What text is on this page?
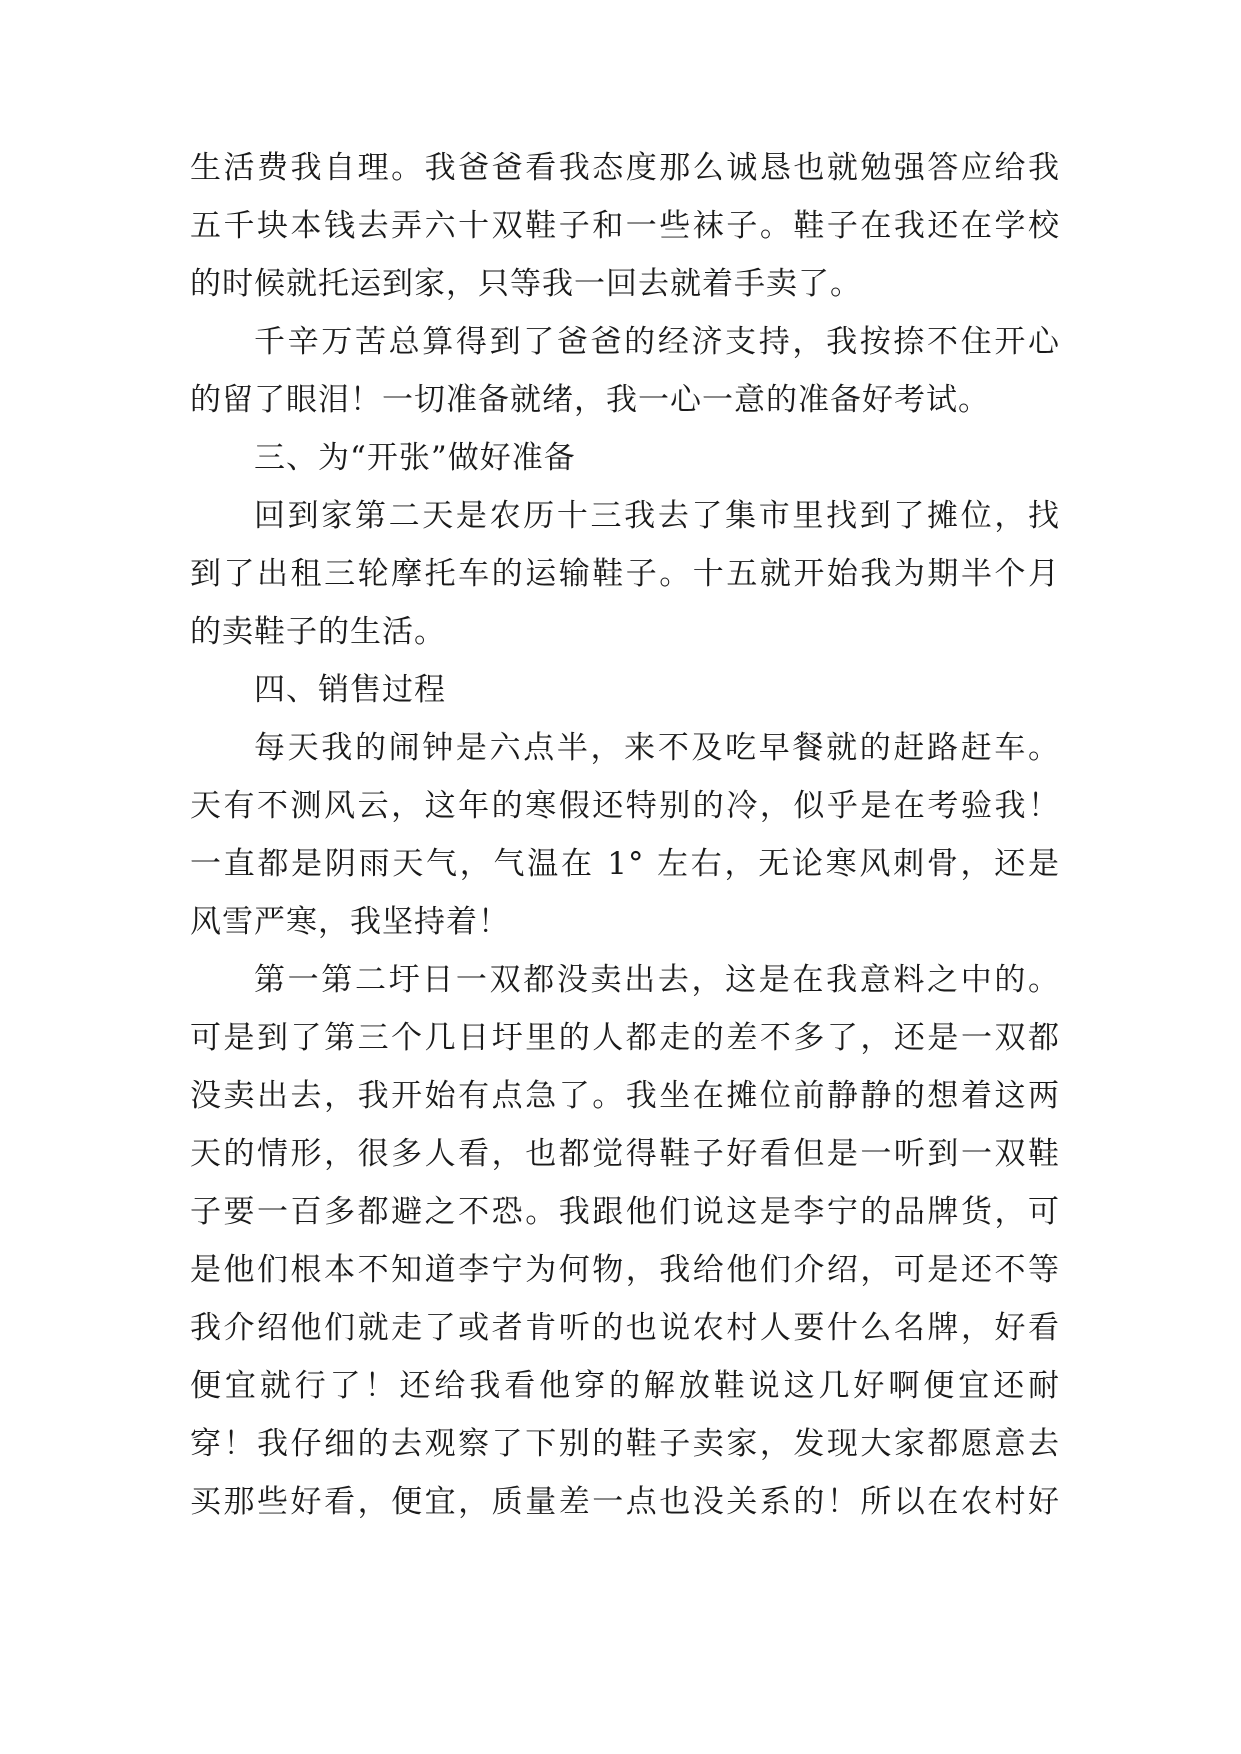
生活费我自理。我爸爸看我态度那么诚恳也就勉强答应给我
五千块本钱去弄六十双鞋子和一些袜子。鞋子在我还在学校
的时候就托运到家，只等我一回去就着手卖了。
千辛万苦总算得到了爸爸的经济支持，我按捺不住开心
的留了眼泪！一切准备就绪，我一心一意的准备好考试。
三、为“开张”做好准备
回到家第二天是农历十三我去了集市里找到了摊位，找
到了出租三轮摩托车的运输鞋子。十五就开始我为期半个月
的卖鞋子的生活。
四、销售过程
每天我的闹钟是六点半，来不及吃早餐就的赶路赶车。
天有不测风云，这年的寒假还特别的冷，似乎是在考验我！
一直都是阴雨天气，气温在 1° 左右，无论寒风刺骨，还是
风雪严寒，我坚持着！
第一第二圩日一双都没卖出去，这是在我意料之中的。
可是到了第三个几日圩里的人都走的差不多了，还是一双都
没卖出去，我开始有点急了。我坐在摊位前静静的想着这两
天的情形，很多人看，也都觉得鞋子好看但是一听到一双鞋
子要一百多都避之不恐。我跟他们说这是李宁的品牌货，可
是他们根本不知道李宁为何物，我给他们介绍，可是还不等
我介绍他们就走了或者肯听的也说农村人要什么名牌，好看
便宜就行了！还给我看他穿的解放鞋说这几好啊便宜还耐
穿！我仔细的去观察了下别的鞋子卖家，发现大家都愿意去
买那些好看，便宜，质量差一点也没关系的！所以在农村好
